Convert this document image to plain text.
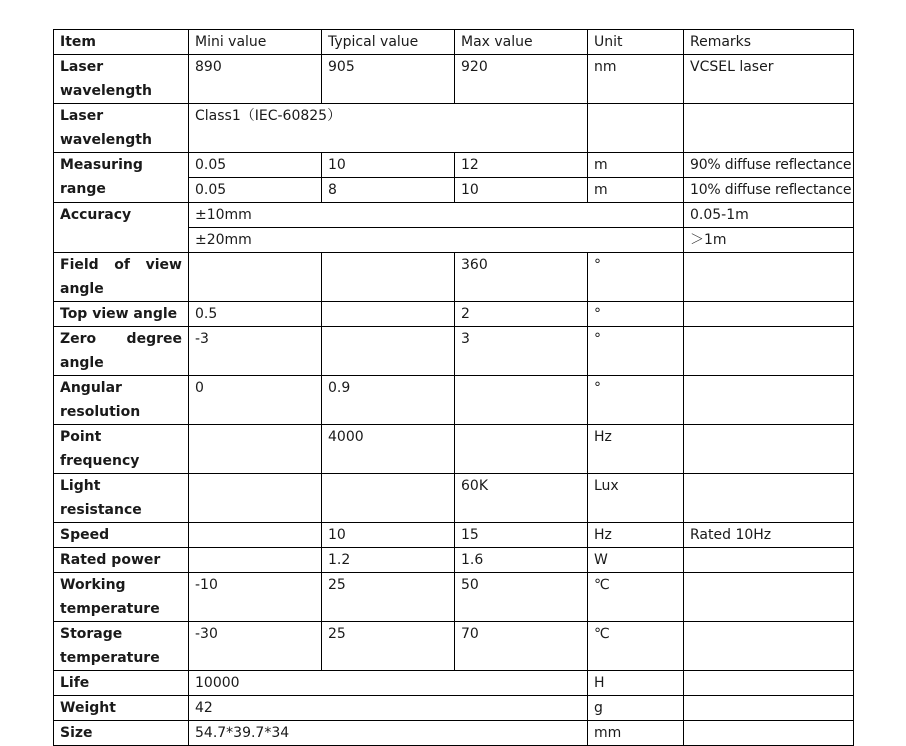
Item	Mini value	Typical value	Max value	Unit	Remarks
Laser wavelength	890	905	920	nm	VCSEL laser
Laser wavelength	Class1（IEC-60825）				
Measuring range	0.05	10	12	m	90% diffuse reflectance
	0.05	8	10	m	10% diffuse reflectance
Accuracy	±10mm				0.05-1m
	±20mm				＞1m
Field of view angle			360	°	
Top view angle	0.5		2	°	
Zero degree angle	-3		3	°	
Angular resolution	0	0.9		°	
Point frequency		4000		Hz	
Light resistance			60K	Lux	
Speed		10	15	Hz	Rated 10Hz
Rated power		1.2	1.6	W	
Working temperature	-10	25	50	℃	
Storage temperature	-30	25	70	℃	
Life	10000			H	
Weight	42			g	
Size	54.7*39.7*34			mm	
